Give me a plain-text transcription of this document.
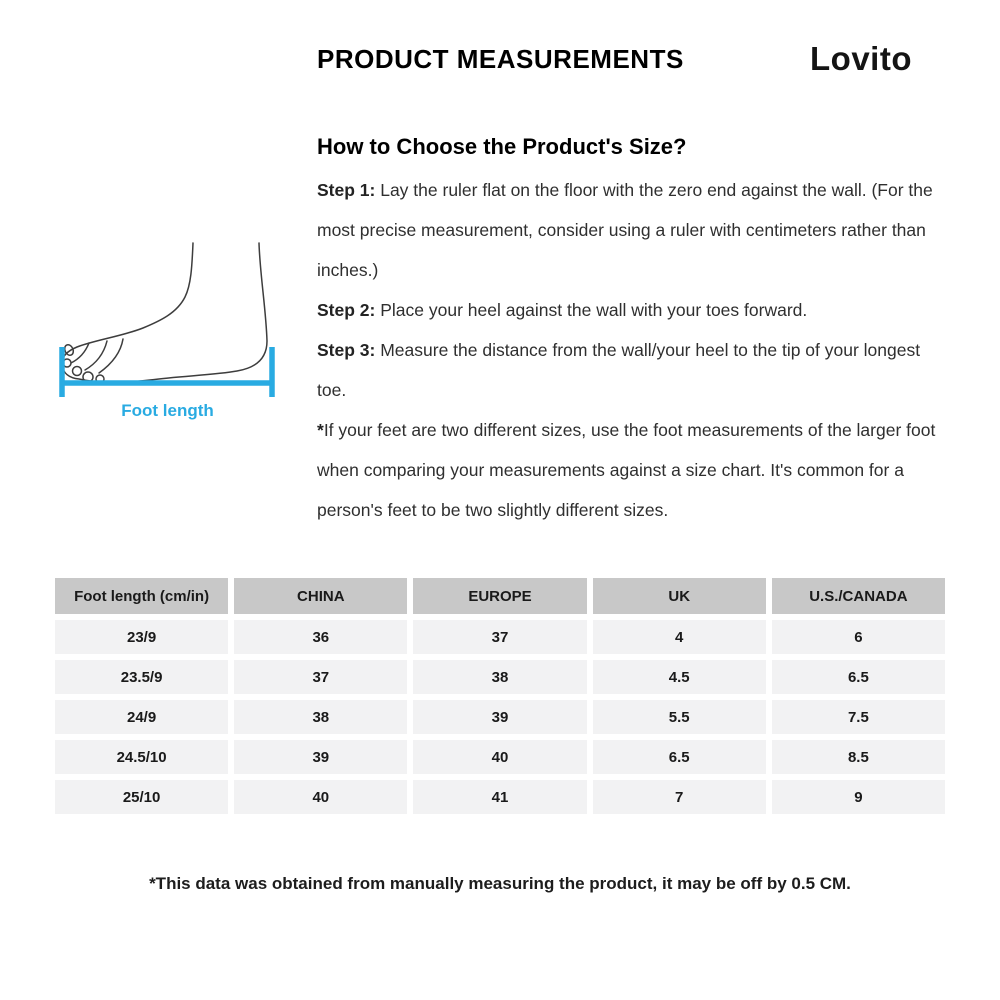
PRODUCT MEASUREMENTS	Lovito
How to Choose the Product's Size?

Step 1: Lay the ruler flat on the floor with the zero end against the wall. (For the most precise measurement, consider using a ruler with centimeters rather than inches.)

Step 2: Place your heel against the wall with your toes forward.

Step 3: Measure the distance from the wall/your heel to the tip of your longest toe.

*If your feet are two different sizes, use the foot measurements of the larger foot when comparing your measurements against a size chart. It's common for a person's feet to be two slightly different sizes.

Foot length
Foot length (cm/in)	CHINA	EUROPE	UK	U.S./CANADA
23/9	36	37	4	6
23.5/9	37	38	4.5	6.5
24/9	38	39	5.5	7.5
24.5/10	39	40	6.5	8.5
25/10	40	41	7	9
*This data was obtained from manually measuring the product, it may be off by 0.5 CM.
